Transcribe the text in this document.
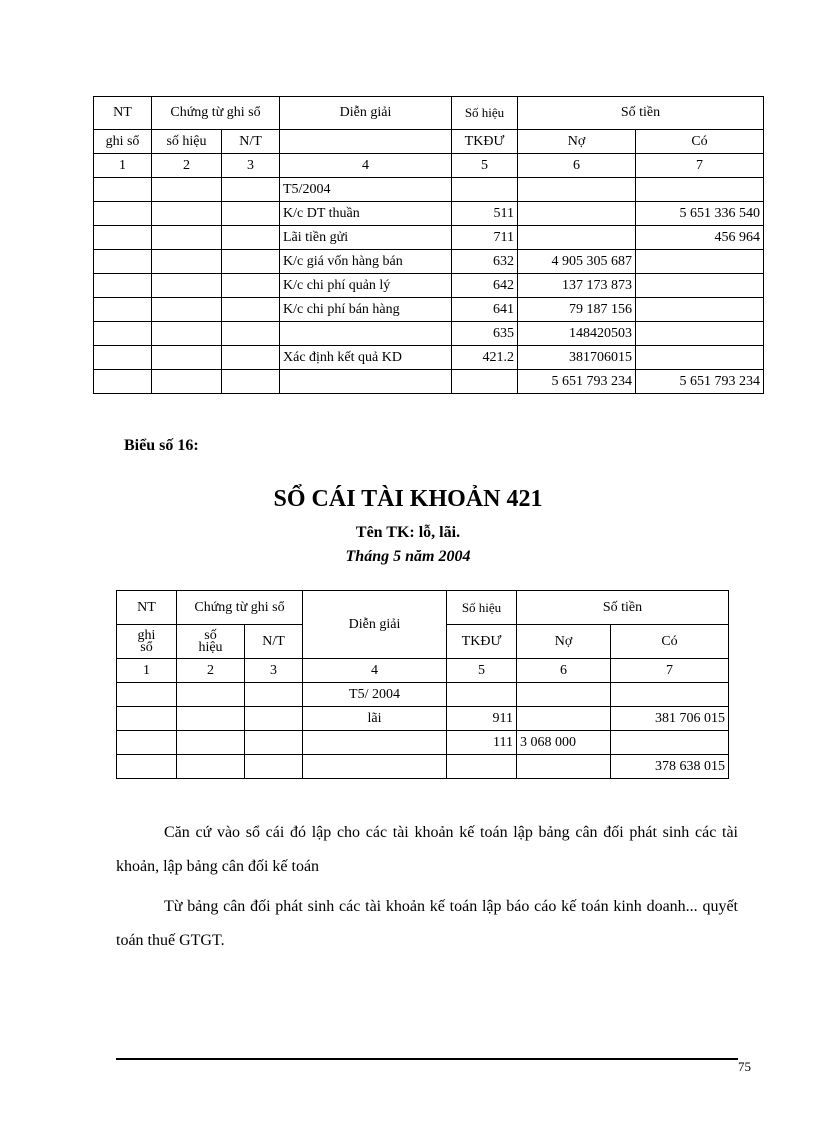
NT	Chứng từ ghi sổ		Diễn giải	Số hiệu	Số tiền	
ghi sổ	số hiệu	N/T		TKĐƯ	Nợ	Có
1	2	3	4	5	6	7
			T5/2004			
			K/c DT thuần	511		5 651 336 540
			Lãi tiền gửi	711		456 964
			K/c giá vốn hàng bán	632	4 905 305 687	
			K/c chi phí quản lý	642	137 173 873	
			K/c chi phí bán hàng	641	79 187 156	
				635	148420503	
			Xác định kết quả KD	421.2	381706015	
					5 651 793 234	5 651 793 234
Biểu số 16:
SỔ CÁI TÀI KHOẢN 421
Tên TK: lỗ, lãi.
Tháng 5 năm 2004
NT	Chứng từ ghi sổ		Diễn giải	Số hiệu	Số tiền	

ghi sổ	số hiệu	N/T		TKĐƯ	Nợ	Có
1	2	3	4	5	6	7
			T5/ 2004			
			lãi	911		381 706 015
				111	3 068 000	
						378 638 015

Căn cứ vào sổ cái đó lập cho các tài khoản kế toán lập bảng cân đối phát sinh các tài khoản, lập bảng cân đối kế toán

Từ bảng cân đối phát sinh các tài khoản kế toán lập báo cáo kế toán kinh doanh... quyết toán thuế GTGT.

75
